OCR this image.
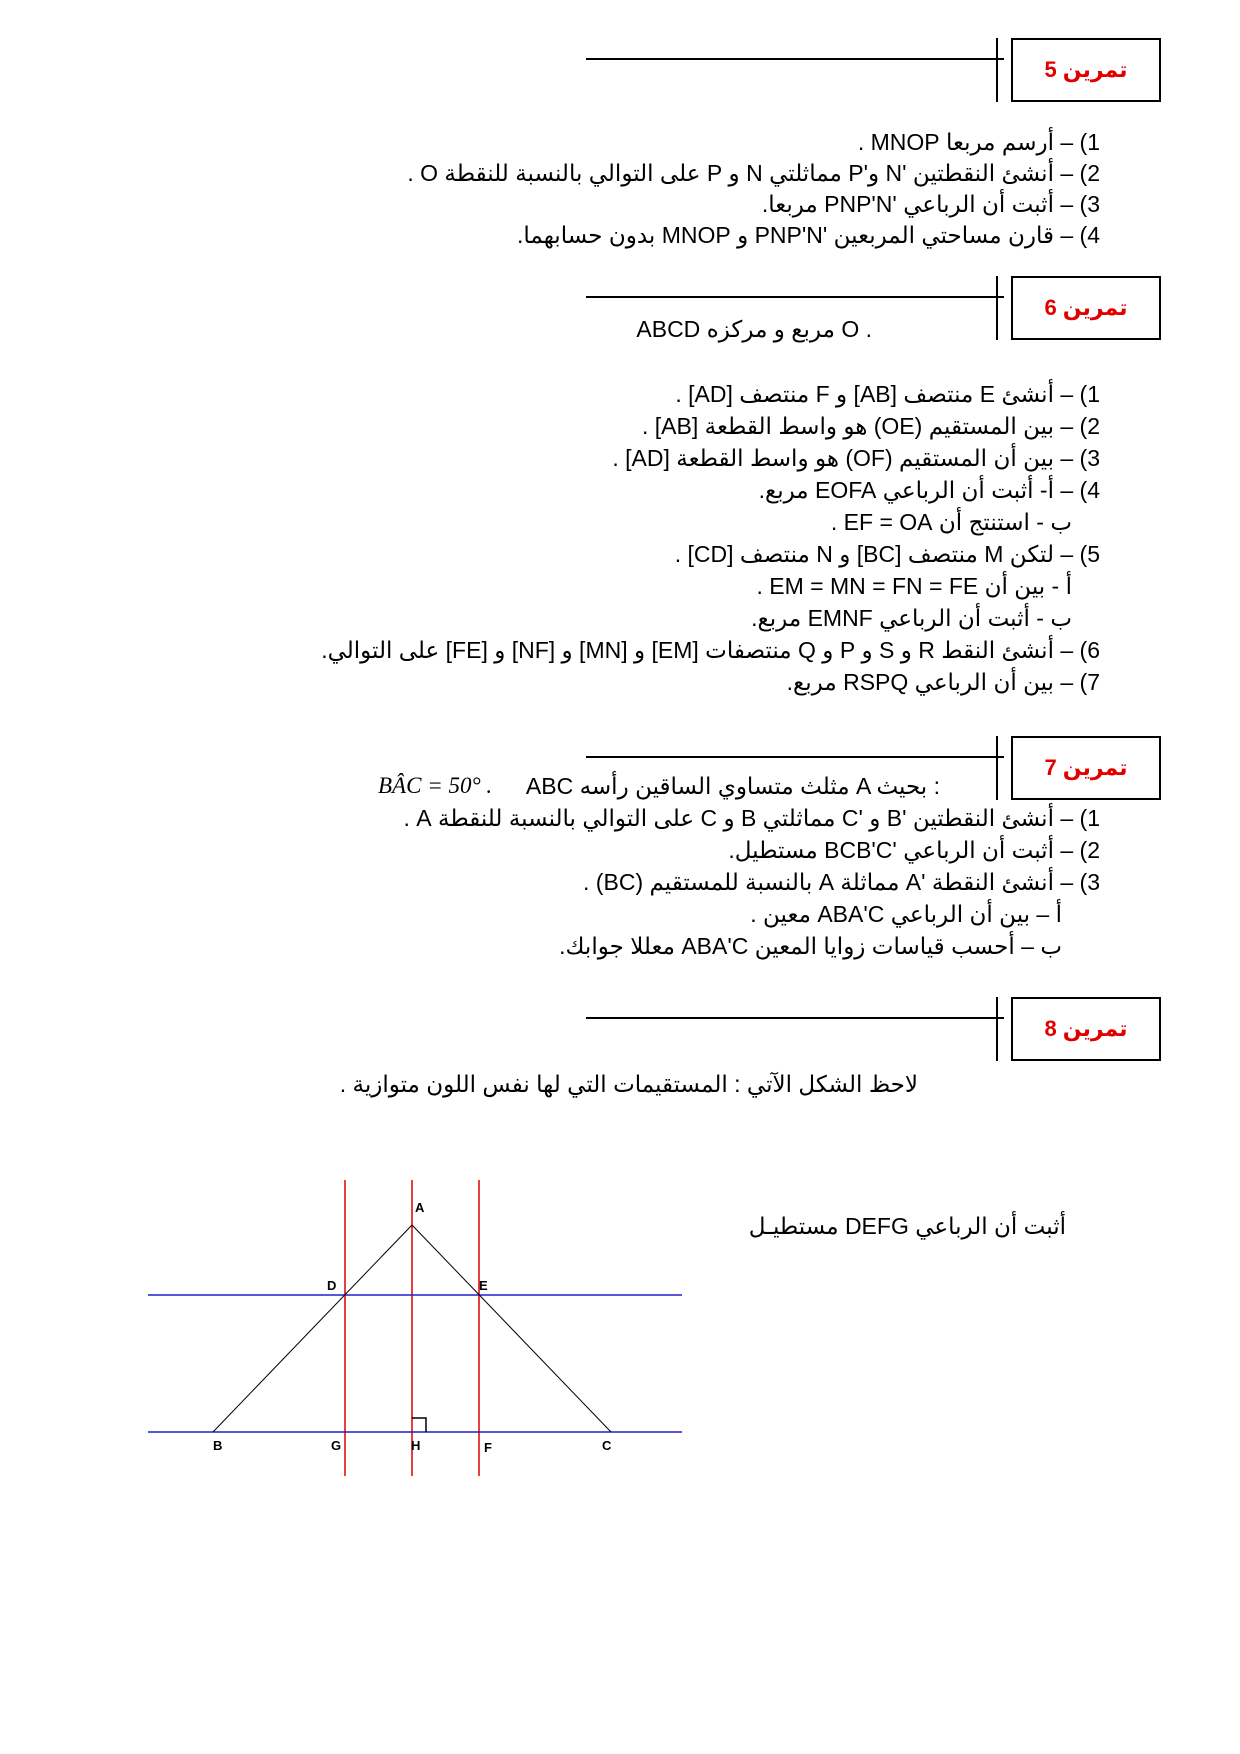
تمرين 5
1) – أرسم مربعا MNOP .
2) – أنشئ النقطتين 'N و'P مماثلتي N و P على التوالي بالنسبة للنقطة O .
3) – أثبت أن الرباعي 'PNP'N مربعا.
4) – قارن مساحتي المربعين 'PNP'N و MNOP بدون حسابهما.
تمرين 6
ABCD مربع و مركزه O .
1) – أنشئ E منتصف [AB] و F منتصف [AD] .
2) – بين المستقيم (OE) هو واسط القطعة [AB] .
3) – بين أن المستقيم (OF) هو واسط القطعة [AD] .
4) – أ- أثبت أن الرباعي EOFA مربع.
ب - استنتج أن EF = OA .
5) – لتكن M منتصف [BC] و N منتصف [CD] .
أ - بين أن EM = MN = FN = FE .
ب - أثبت أن الرباعي EMNF مربع.
6) – أنشئ النقط R و S و P و Q منتصفات [EM] و [MN] و [NF] و [FE] على التوالي.
7) – بين أن الرباعي RSPQ مربع.
تمرين 7
ABC مثلث متساوي الساقين رأسه A بحيث :
BÂC = 50° .
1) – أنشئ النقطتين 'B و 'C مماثلتي B و C على التوالي بالنسبة للنقطة A .
2) – أثبت أن الرباعي 'BCB'C مستطيل.
3) – أنشئ النقطة 'A مماثلة A بالنسبة للمستقيم (BC) .
أ – بين أن الرباعي ABA'C معين .
ب – أحسب قياسات زوايا المعين ABA'C معللا جوابك.
تمرين 8
لاحظ الشكل الآتي : المستقيمات التي لها نفس اللون متوازية .
أثبت أن الرباعي DEFG مستطيـل
A
D	E
B	G	H	F	C
